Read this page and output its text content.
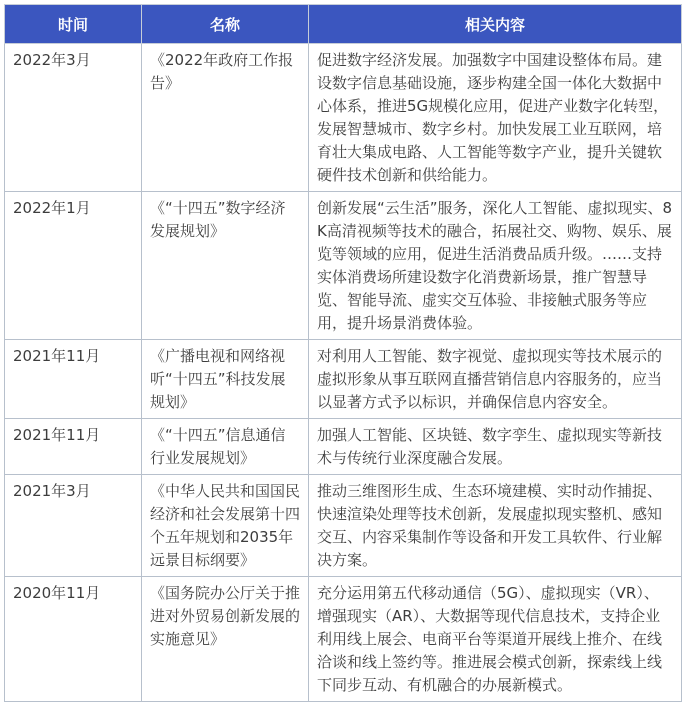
时间	名称	相关内容
2022年3月	《2022年政府工作报告》	促进数字经济发展。加强数字中国建设整体布局。建设数字信息基础设施，逐步构建全国一体化大数据中心体系，推进5G规模化应用，促进产业数字化转型，发展智慧城市、数字乡村。加快发展工业互联网，培育壮大集成电路、人工智能等数字产业，提升关键软硬件技术创新和供给能力。
2022年1月	《“十四五”数字经济发展规划》	创新发展“云生活”服务，深化人工智能、虚拟现实、8K高清视频等技术的融合，拓展社交、购物、娱乐、展览等领域的应用，促进生活消费品质升级。……支持实体消费场所建设数字化消费新场景，推广智慧导览、智能导流、虚实交互体验、非接触式服务等应用，提升场景消费体验。
2021年11月	《广播电视和网络视听“十四五”科技发展规划》	对利用人工智能、数字视觉、虚拟现实等技术展示的虚拟形象从事互联网直播营销信息内容服务的，应当以显著方式予以标识，并确保信息内容安全。
2021年11月	《“十四五”信息通信行业发展规划》	加强人工智能、区块链、数字孪生、虚拟现实等新技术与传统行业深度融合发展。
2021年3月	《中华人民共和国国民经济和社会发展第十四个五年规划和2035年远景目标纲要》	推动三维图形生成、生态环境建模、实时动作捕捉、快速渲染处理等技术创新，发展虚拟现实整机、感知交互、内容采集制作等设备和开发工具软件、行业解决方案。
2020年11月	《国务院办公厅关于推进对外贸易创新发展的实施意见》	充分运用第五代移动通信（5G）、虚拟现实（VR）、增强现实（AR）、大数据等现代信息技术，支持企业利用线上展会、电商平台等渠道开展线上推介、在线洽谈和线上签约等。推进展会模式创新，探索线上线下同步互动、有机融合的办展新模式。
